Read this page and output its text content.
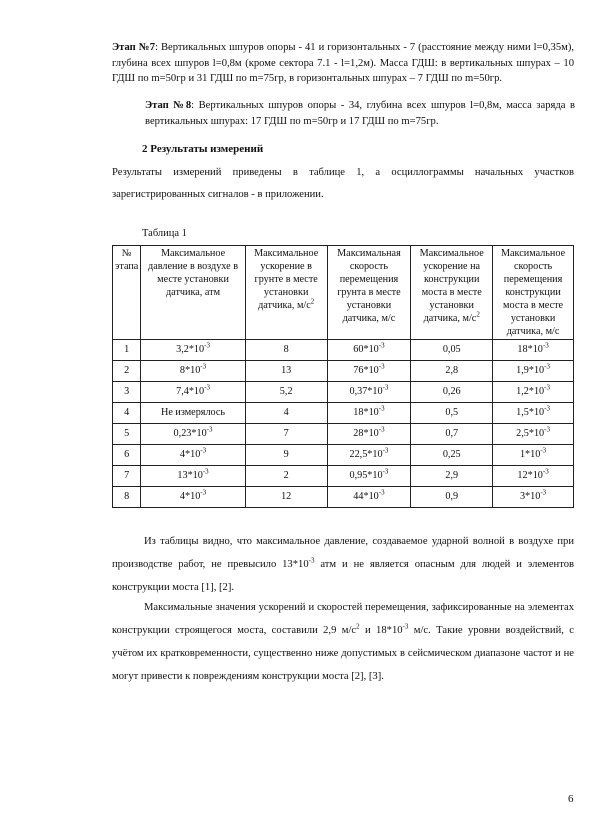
Этап №7: Вертикальных шпуров опоры - 41 и горизонтальных - 7 (расстояние между ними l=0,35м), глубина всех шпуров l=0,8м (кроме сектора 7.1 - l=1,2м). Масса ГДШ: в вертикальных шпурах – 10 ГДШ по m=50гр и 31 ГДШ по m=75гр, в горизонтальных шпурах – 7 ГДШ по m=50гр.
Этап №8: Вертикальных шпуров опоры - 34, глубина всех шпуров l=0,8м, масса заряда в вертикальных шпурах: 17 ГДШ по m=50гр и 17 ГДШ по m=75гр.
2 Результаты измерений
Результаты измерений приведены в таблице 1, а осциллограммы начальных участков зарегистрированных сигналов - в приложении.
Таблица 1
№ этапа	Максимальное давление в воздухе в месте установки датчика, атм	Максимальное ускорение в грунте в месте установки датчика, $м/с^2$	Максимальная скорость перемещения грунта в месте установки датчика, м/с	Максимальное ускорение на конструкции моста в месте установки датчика, $м/с^2$	Максимальное скорость перемещения конструкции моста в месте установки датчика, м/с
1	$3,2*10^{-3}$	8	$60*10^{-3}$	0,05	$18*10^{-3}$
2	$8*10^{-3}$	13	$76*10^{-3}$	2,8	$1,9*10^{-3}$
3	$7,4*10^{-3}$	5,2	$0,37*10^{-3}$	0,26	$1,2*10^{-3}$
4	Не измерялось	4	$18*10^{-3}$	0,5	$1,5*10^{-3}$
5	$0,23*10^{-3}$	7	$28*10^{-3}$	0,7	$2,5*10^{-3}$
6	$4*10^{-3}$	9	$22,5*10^{-3}$	0,25	$1*10^{-3}$
7	$13*10^{-3}$	2	$0,95*10^{-3}$	2,9	$12*10^{-3}$
8	$4*10^{-3}$	12	$44*10^{-3}$	0,9	$3*10^{-3}$
Из таблицы видно, что максимальное давление, создаваемое ударной волной в воздухе при производстве работ, не превысило $13*10^{-3}$ атм и не является опасным для людей и элементов конструкции моста [1], [2].
Максимальные значения ускорений и скоростей перемещения, зафиксированные на элементах конструкции строящегося моста, составили 2,9 $м/с^2$ и $18*10^{-3}$ м/с. Такие уровни воздействий, с учётом их кратковременности, существенно ниже допустимых в сейсмическом диапазоне частот и не могут привести к повреждениям конструкции моста [2], [3].
6
